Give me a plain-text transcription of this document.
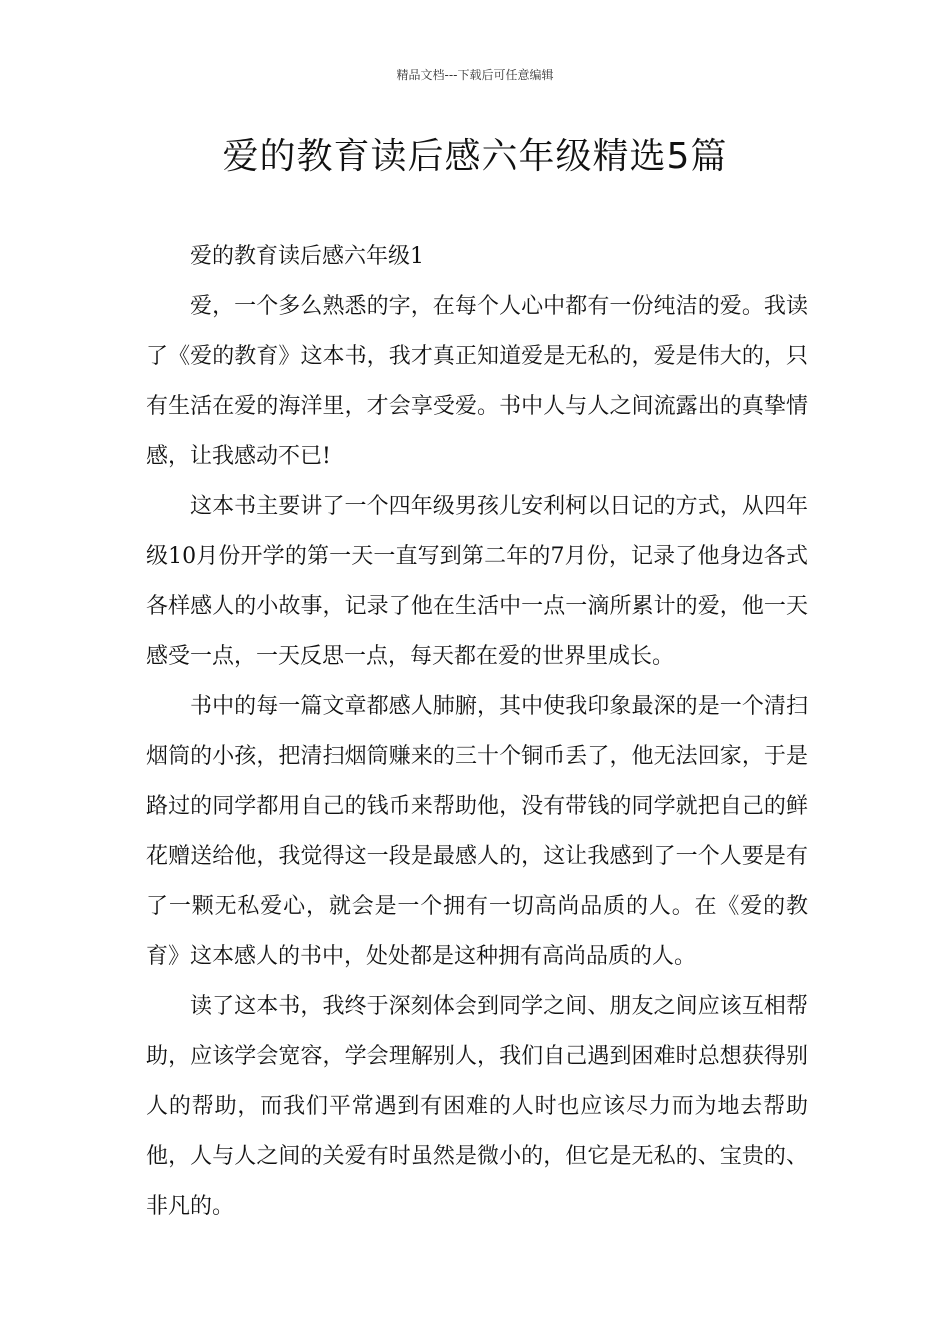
精品文档---下载后可任意编辑
爱的教育读后感六年级精选5篇

爱的教育读后感六年级1

爱，一个多么熟悉的字，在每个人心中都有一份纯洁的爱。我读了《爱的教育》这本书，我才真正知道爱是无私的，爱是伟大的，只有生活在爱的海洋里，才会享受爱。书中人与人之间流露出的真挚情感，让我感动不已!

这本书主要讲了一个四年级男孩儿安利柯以日记的方式，从四年级10月份开学的第一天一直写到第二年的7月份，记录了他身边各式各样感人的小故事，记录了他在生活中一点一滴所累计的爱，他一天感受一点，一天反思一点，每天都在爱的世界里成长。

书中的每一篇文章都感人肺腑，其中使我印象最深的是一个清扫烟筒的小孩，把清扫烟筒赚来的三十个铜币丢了，他无法回家，于是路过的同学都用自己的钱币来帮助他，没有带钱的同学就把自己的鲜花赠送给他，我觉得这一段是最感人的，这让我感到了一个人要是有了一颗无私爱心，就会是一个拥有一切高尚品质的人。在《爱的教育》这本感人的书中，处处都是这种拥有高尚品质的人。

读了这本书，我终于深刻体会到同学之间、朋友之间应该互相帮助，应该学会宽容，学会理解别人，我们自己遇到困难时总想获得别人的帮助，而我们平常遇到有困难的人时也应该尽力而为地去帮助他，人与人之间的关爱有时虽然是微小的，但它是无私的、宝贵的、非凡的。
